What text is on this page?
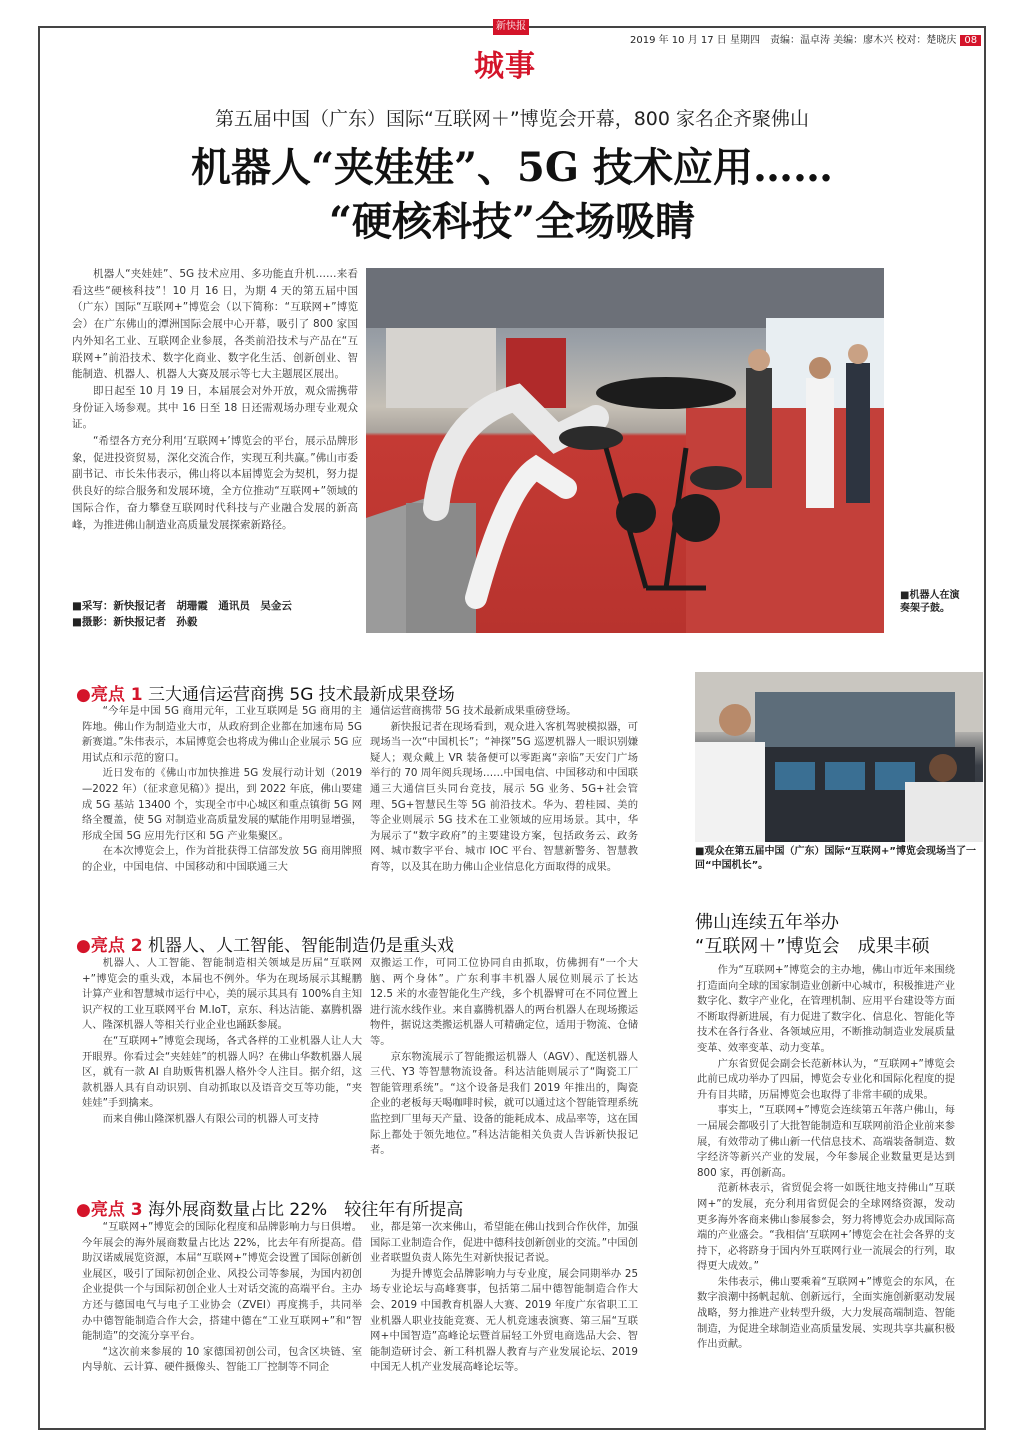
新快报
城事
2019 年 10 月 17 日 星期四　责编：温卓涛 美编：廖木兴 校对：楚晓庆 08
第五届中国（广东）国际“互联网＋”博览会开幕，800 家名企齐聚佛山
机器人“夹娃娃”、5G 技术应用……
“硬核科技”全场吸睛

机器人“夹娃娃”、5G 技术应用、多功能直升机……来看看这些“硬核科技”！10 月 16 日，为期 4 天的第五届中国（广东）国际“互联网+”博览会（以下简称：“互联网+”博览会）在广东佛山的潭洲国际会展中心开幕，吸引了 800 家国内外知名工业、互联网企业参展，各类前沿技术与产品在“互联网+”前沿技术、数字化商业、数字化生活、创新创业、智能制造、机器人、机器人大赛及展示等七大主题展区展出。

即日起至 10 月 19 日，本届展会对外开放，观众需携带身份证入场参观。其中 16 日至 18 日还需观场办理专业观众证。

“希望各方充分利用‘互联网+’博览会的平台，展示品牌形象，促进投资贸易，深化交流合作，实现互利共赢。”佛山市委副书记、市长朱伟表示，佛山将以本届博览会为契机，努力提供良好的综合服务和发展环境，全方位推动“互联网+”领域的国际合作，奋力攀登互联网时代科技与产业融合发展的新高峰，为推进佛山制造业高质量发展探索新路径。

■采写：新快报记者　胡珊霞　通讯员　吴金云
■摄影：新快报记者　孙毅
■机器人在演奏架子鼓。
●亮点 1 三大通信运营商携 5G 技术最新成果登场

“今年是中国 5G 商用元年，工业互联网是 5G 商用的主阵地。佛山作为制造业大市，从政府到企业都在加速布局 5G 新赛道。”朱伟表示，本届博览会也将成为佛山企业展示 5G 应用试点和示范的窗口。

近日发布的《佛山市加快推进 5G 发展行动计划（2019—2022 年）（征求意见稿）》提出，到 2022 年底，佛山要建成 5G 基站 13400 个，实现全市中心城区和重点镇街 5G 网络全覆盖，使 5G 对制造业高质量发展的赋能作用明显增强，形成全国 5G 应用先行区和 5G 产业集聚区。

在本次博览会上，作为首批获得工信部发放 5G 商用牌照的企业，中国电信、中国移动和中国联通三大

通信运营商携带 5G 技术最新成果重磅登场。

新快报记者在现场看到，观众进入客机驾驶模拟器，可现场当一次“中国机长”；“神探”5G 巡逻机器人一眼识别嫌疑人；观众戴上 VR 装备便可以零距离“亲临”天安门广场举行的 70 周年阅兵现场……中国电信、中国移动和中国联通三大通信巨头同台竞技，展示 5G 业务、5G+社会管理、5G+智慧民生等 5G 前沿技术。华为、碧桂园、美的等企业则展示 5G 技术在工业领域的应用场景。其中，华为展示了“数字政府”的主要建设方案，包括政务云、政务网、城市数字平台、城市 IOC 平台、智慧新警务、智慧教育等，以及其在助力佛山企业信息化方面取得的成果。

■观众在第五届中国（广东）国际“互联网+”博览会现场当了一回“中国机长”。
●亮点 2 机器人、人工智能、智能制造仍是重头戏

机器人、人工智能、智能制造相关领域是历届“互联网+”博览会的重头戏，本届也不例外。华为在现场展示其鲲鹏计算产业和智慧城市运行中心，美的展示其具有 100%自主知识产权的工业互联网平台 M.IoT，京东、科达洁能、嘉腾机器人、隆深机器人等相关行业企业也踊跃参展。

在“互联网+”博览会现场，各式各样的工业机器人让人大开眼界。你看过会“夹娃娃”的机器人吗？在佛山华数机器人展区，就有一款 AI 自助贩售机器人格外令人注目。据介绍，这款机器人具有自动识别、自动抓取以及语音交互等功能，“夹娃娃”手到擒来。

而来自佛山隆深机器人有限公司的机器人可支持

双搬运工作，可同工位协同自由抓取，仿佛拥有“一个大脑、两个身体”。广东利事丰机器人展位则展示了长达 12.5 米的水壶智能化生产线，多个机器臂可在不同位置上进行流水线作业。来自嘉腾机器人的两台机器人在现场搬运物件，据说这类搬运机器人可精确定位，适用于物流、仓储等。

京东物流展示了智能搬运机器人（AGV）、配送机器人三代、Y3 等智慧物流设备。科达洁能则展示了“陶瓷工厂智能管理系统”。“这个设备是我们 2019 年推出的，陶瓷企业的老板每天喝咖啡时候，就可以通过这个智能管理系统监控到厂里每天产量、设备的能耗成本、成品率等，这在国际上都处于领先地位。”科达洁能相关负责人告诉新快报记者。

●亮点 3 海外展商数量占比 22%　较往年有所提高

“互联网+”博览会的国际化程度和品牌影响力与日俱增。今年展会的海外展商数量占比达 22%，比去年有所提高。借助汉诺威展览资源，本届“互联网+”博览会设置了国际创新创业展区，吸引了国际初创企业、风投公司等参展，为国内初创企业提供一个与国际初创企业人士对话交流的高端平台。主办方还与德国电气与电子工业协会（ZVEI）再度携手，共同举办中德智能制造合作大会，搭建中德在“工业互联网+”和“智能制造”的交流分享平台。

“这次前来参展的 10 家德国初创公司，包含区块链、室内导航、云计算、硬件摄像头、智能工厂控制等不同企

业，都是第一次来佛山，希望能在佛山找到合作伙伴，加强国际工业制造合作，促进中德科技创新创业的交流。”中国创业者联盟负责人陈先生对新快报记者说。

为提升博览会品牌影响力与专业度，展会同期举办 25 场专业论坛与高峰赛事，包括第二届中德智能制造合作大会、2019 中国教育机器人大赛、2019 年度广东省职工工业机器人职业技能竞赛、无人机竞速表演赛、第三届“互联网+中国智造”高峰论坛暨首届轻工外贸电商选品大会、智能制造研讨会、新工科机器人教育与产业发展论坛、2019 中国无人机产业发展高峰论坛等。

佛山连续五年举办
“互联网＋”博览会　成果丰硕

作为“互联网+”博览会的主办地，佛山市近年来围绕打造面向全球的国家制造业创新中心城市，积极推进产业数字化、数字产业化，在管理机制、应用平台建设等方面不断取得新进展，有力促进了数字化、信息化、智能化等技术在各行各业、各领域应用，不断推动制造业发展质量变革、效率变革、动力变革。

广东省贸促会副会长范新林认为，“互联网+”博览会此前已成功举办了四届，博览会专业化和国际化程度的提升有目共睹，历届博览会也取得了非常丰硕的成果。

事实上，“互联网+”博览会连续第五年落户佛山，每一届展会都吸引了大批智能制造和互联网前沿企业前来参展，有效带动了佛山新一代信息技术、高端装备制造、数字经济等新兴产业的发展，今年参展企业数量更是达到 800 家，再创新高。

范新林表示，省贸促会将一如既往地支持佛山“互联网+”的发展，充分利用省贸促会的全球网络资源，发动更多海外客商来佛山参展参会，努力将博览会办成国际高端的产业盛会。“我相信‘互联网+’博览会在社会各界的支持下，必将跻身于国内外互联网行业一流展会的行列，取得更大成效。”

朱伟表示，佛山要乘着“互联网+”博览会的东风，在数字浪潮中扬帆起航、创新远行，全面实施创新驱动发展战略，努力推进产业转型升级，大力发展高端制造、智能制造，为促进全球制造业高质量发展、实现共享共赢积极作出贡献。
